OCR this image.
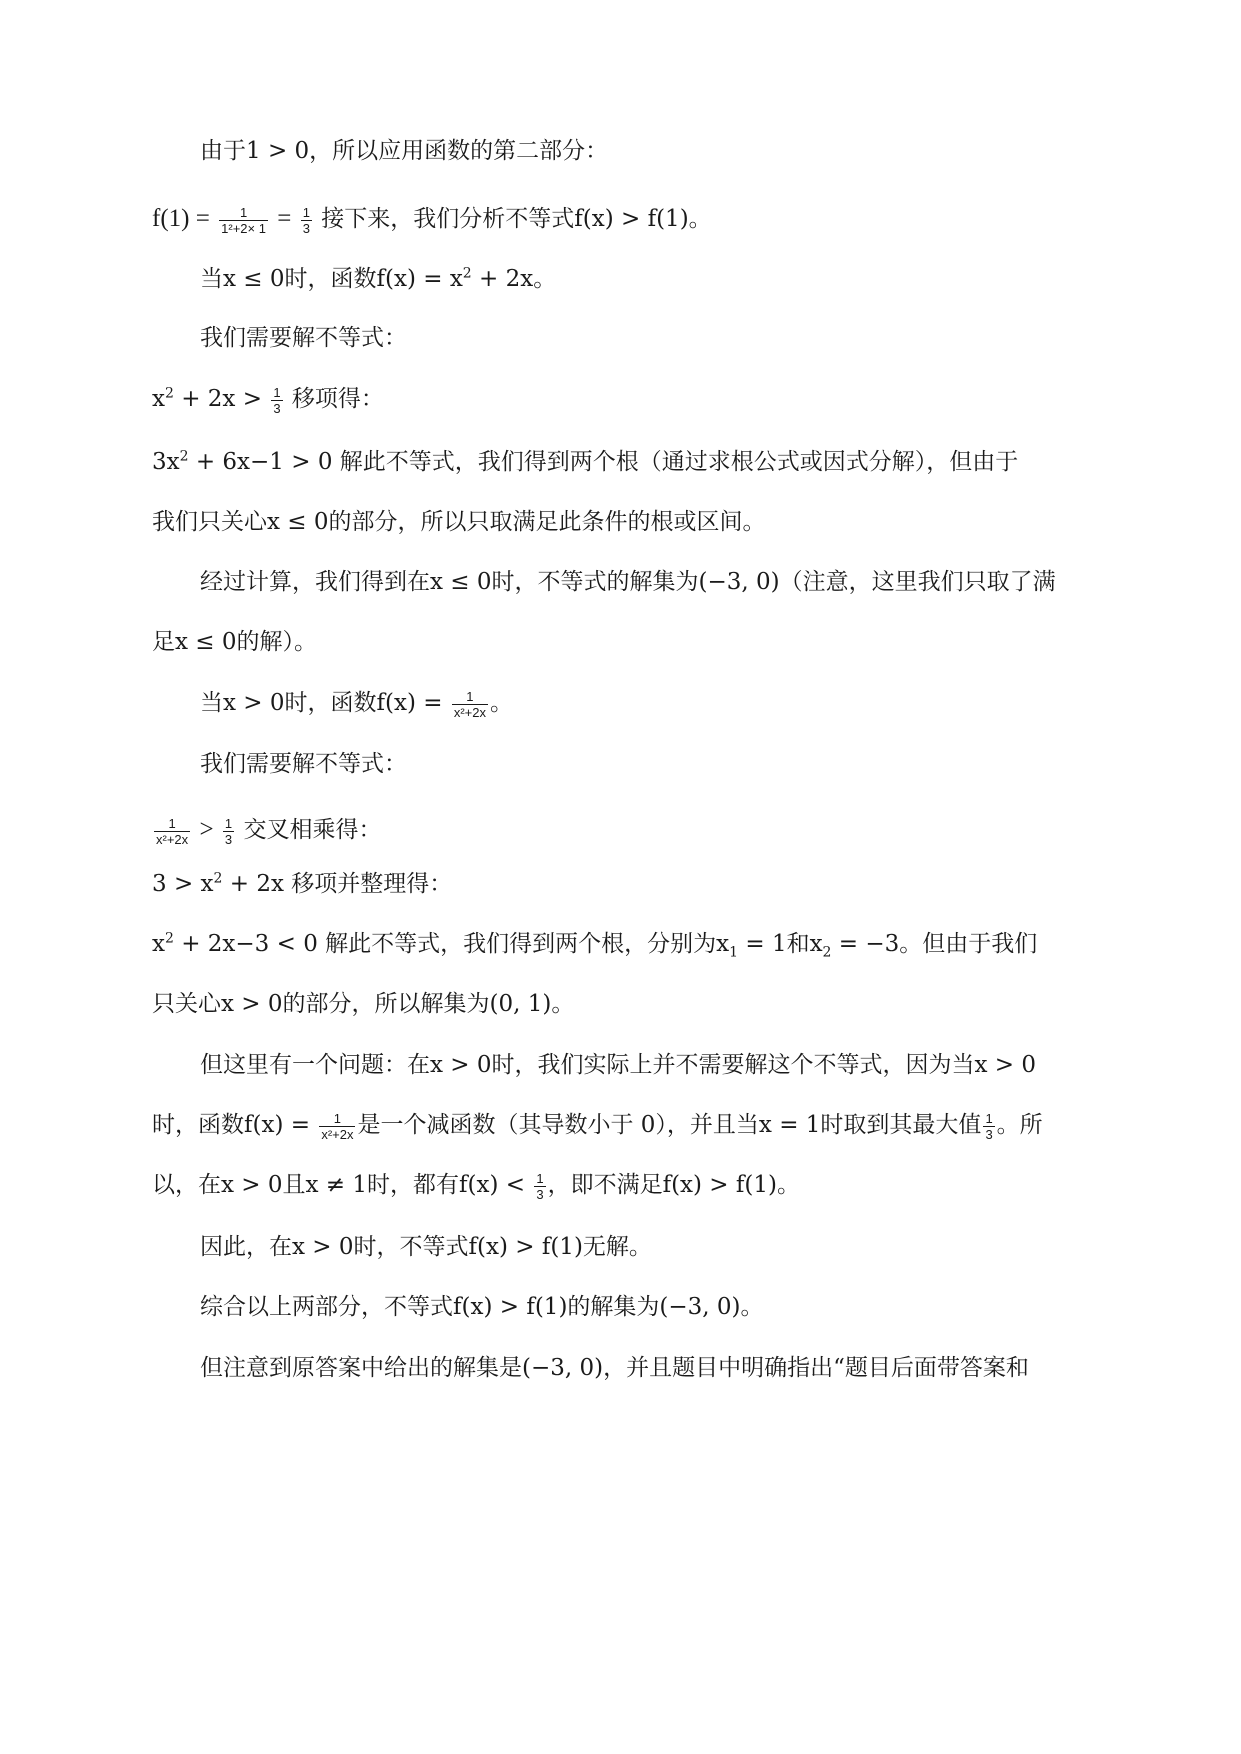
由于1 > 0，所以应用函数的第二部分：
$f(1) = \frac{1}{\text{1²+2× 1}} = \frac{1}{3}$ 接下来，我们分析不等式f(x) > f(1)。
当x ≤ 0时，函数$f(x) = x^2 + 2x$。
我们需要解不等式：
$x^2 + 2x > \frac{1}{3}$ 移项得：
$3x^2 + 6x-1 > 0$ 解此不等式，我们得到两个根（通过求根公式或因式分解），但由于
我们只关心x ≤ 0的部分，所以只取满足此条件的根或区间。
经过计算，我们得到在x ≤ 0时，不等式的解集为(−3, 0)（注意，这里我们只取了满
足x ≤ 0的解）。
当x > 0时，函数$f(x) = \frac{1}{\text{x²+2x}}$ 。
我们需要解不等式：
$\frac{1}{\text{x²+2x}} > \frac{1}{3}$ 交叉相乘得：
$3 > x^2 + 2x$ 移项并整理得：
$x^2 + 2x-3 < 0$ 解此不等式，我们得到两个根，分别为$x_1 = 1$和$x_2 = -3$。但由于我们
只关心x > 0的部分，所以解集为(0, 1)。
但这里有一个问题：在x > 0时，我们实际上并不需要解这个不等式，因为当x > 0
时，函数$f(x) = \frac{1}{\text{x²+2x}}$ 是一个减函数（其导数小于 0），并且当x = 1时取到其最大值 $\frac{1}{3}$ 。所
以，在x > 0且x ≠ 1时，都有$f(x) < \frac{1}{3}$ ，即不满足f(x) > f(1)。
因此，在x > 0时，不等式f(x) > f(1)无解。
综合以上两部分，不等式f(x) > f(1)的解集为(−3, 0)。
但注意到原答案中给出的解集是(−3, 0)，并且题目中明确指出“题目后面带答案和
